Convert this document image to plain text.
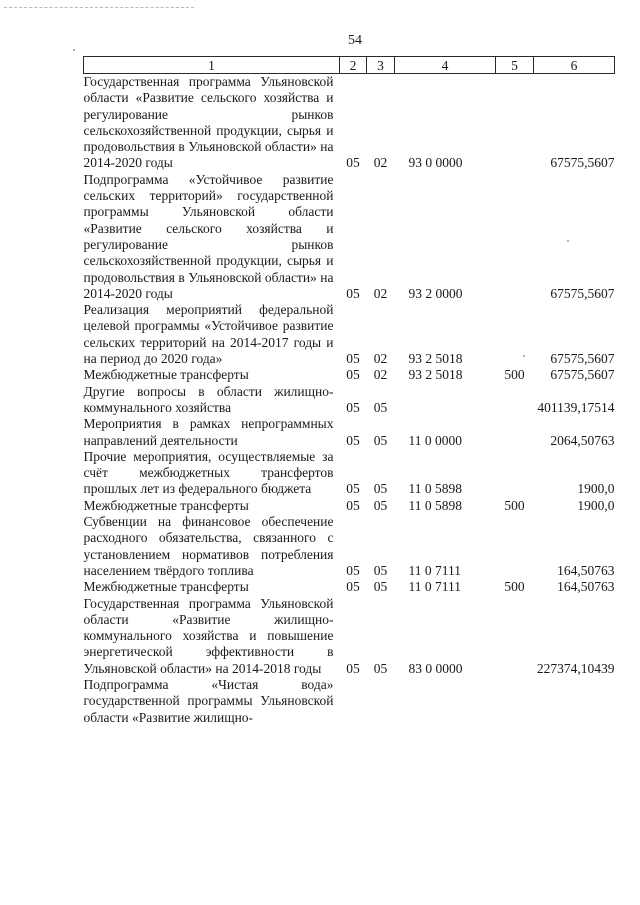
54
1	2	3	4	5	6
Государственная программа Ульяновской области «Развитие сельского хозяйства и регулирование рынков сельскохозяйственной продукции, сырья и продовольствия в Ульяновской области» на 2014-2020 годы	05	02	93 0 0000		67575,5607
Подпрограмма «Устойчивое развитие сельских территорий» государственной программы Ульяновской области «Развитие сельского хозяйства и регулирование рынков сельскохозяйственной продукции, сырья и продовольствия в Ульяновской области» на 2014-2020 годы	05	02	93 2 0000		67575,5607
Реализация мероприятий федеральной целевой программы «Устойчивое развитие сельских территорий на 2014-2017 годы и на период до 2020 года»	05	02	93 2 5018		67575,5607
Межбюджетные трансферты	05	02	93 2 5018	500	67575,5607
Другие вопросы в области жилищно-коммунального хозяйства	05	05			401139,17514
Мероприятия в рамках непрограммных направлений деятельности	05	05	11 0 0000		2064,50763
Прочие мероприятия, осуществляемые за счёт межбюджетных трансфертов прошлых лет из федерального бюджета	05	05	11 0 5898		1900,0
Межбюджетные трансферты	05	05	11 0 5898	500	1900,0
Субвенции на финансовое обеспечение расходного обязательства, связанного с установлением нормативов потребления населением твёрдого топлива	05	05	11 0 7111		164,50763
Межбюджетные трансферты	05	05	11 0 7111	500	164,50763
Государственная программа Ульяновской области «Развитие жилищно-коммунального хозяйства и повышение энергетической эффективности в Ульяновской области» на 2014-2018 годы	05	05	83 0 0000		227374,10439
Подпрограмма «Чистая вода» государственной программы Ульяновской области «Развитие жилищно-					
